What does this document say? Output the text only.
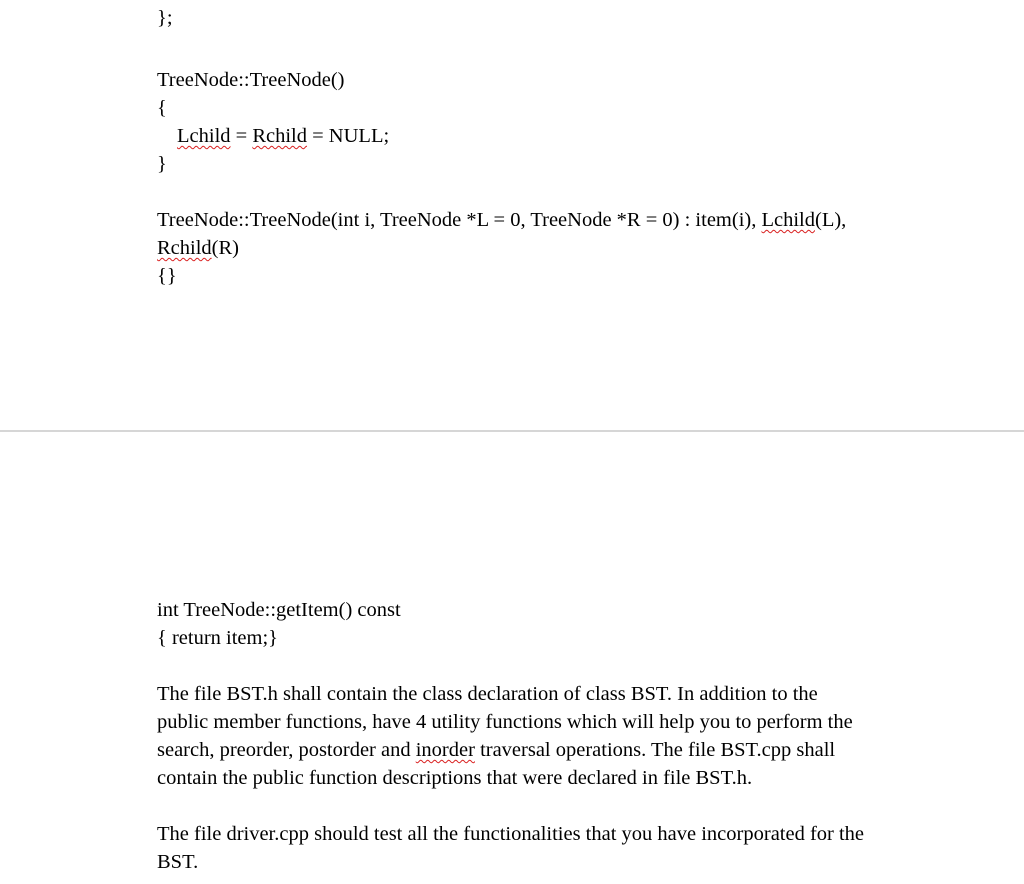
};
TreeNode::TreeNode()
{
Lchild = Rchild = NULL;
}
TreeNode::TreeNode(int i, TreeNode *L = 0, TreeNode *R = 0) : item(i), Lchild(L),
Rchild(R)
{}
int TreeNode::getItem() const
{ return item;}
The file BST.h shall contain the class declaration of class BST. In addition to the
public member functions, have 4 utility functions which will help you to perform the
search, preorder, postorder and inorder traversal operations. The file BST.cpp shall
contain the public function descriptions that were declared in file BST.h.
The file driver.cpp should test all the functionalities that you have incorporated for the
BST.
